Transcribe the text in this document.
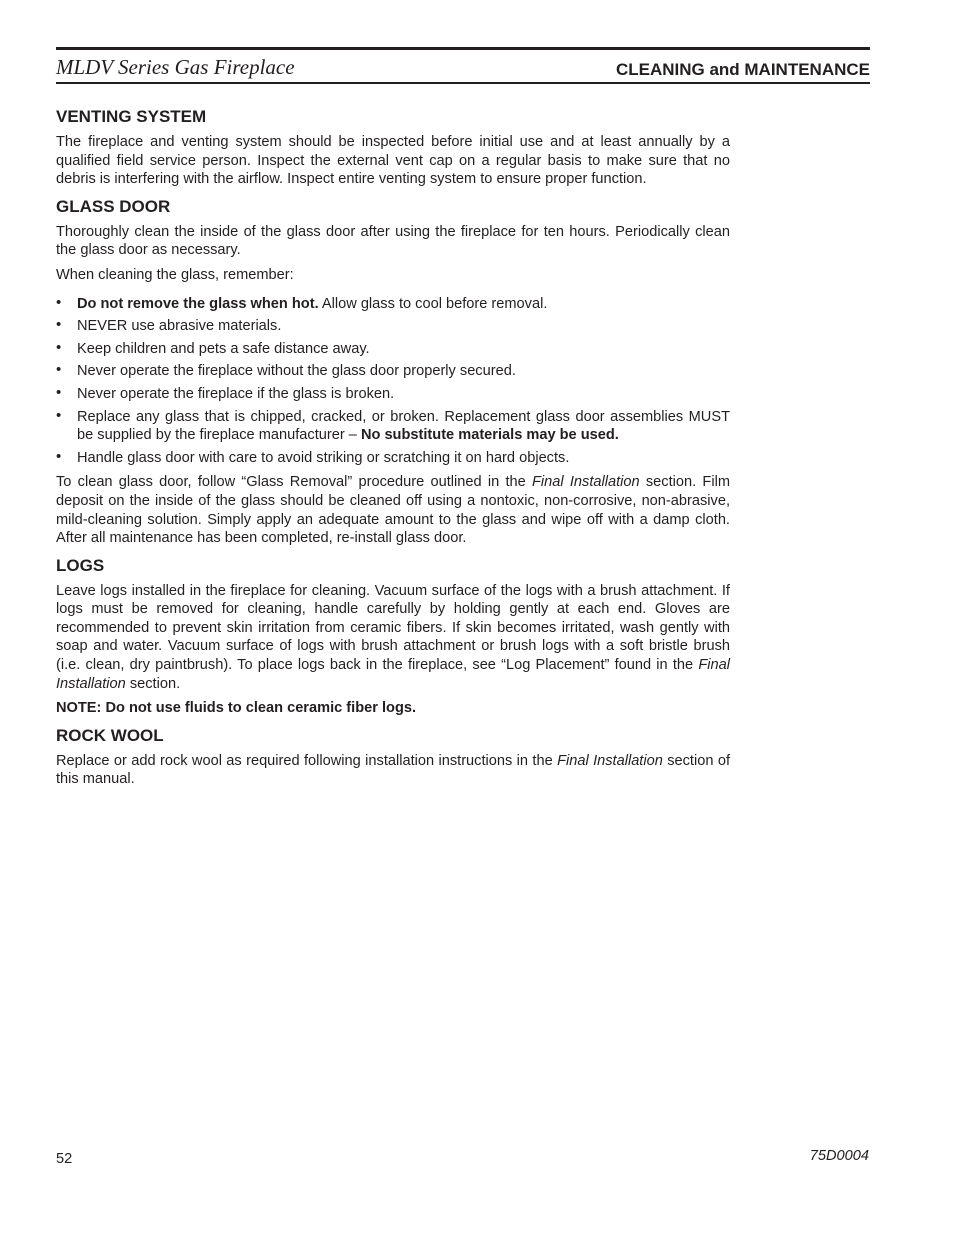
MLDV Series Gas Fireplace	CLEANING and MAINTENANCE
VENTING SYSTEM

The fireplace and venting system should be inspected before initial use and at least annually by a qualified field service person. Inspect the external vent cap on a regular basis to make sure that no debris is interfering with the airflow. Inspect entire venting system to ensure proper function.

GLASS DOOR

Thoroughly clean the inside of the glass door after using the fireplace for ten hours. Periodically clean the glass door as necessary.

When cleaning the glass, remember:

• Do not remove the glass when hot. Allow glass to cool before removal.
• NEVER use abrasive materials.
• Keep children and pets a safe distance away.
• Never operate the fireplace without the glass door properly secured.
• Never operate the fireplace if the glass is broken.
• Replace any glass that is chipped, cracked, or broken. Replacement glass door assemblies MUST be supplied by the fireplace manufacturer – No substitute materials may be used.
• Handle glass door with care to avoid striking or scratching it on hard objects.

To clean glass door, follow “Glass Removal” procedure outlined in the Final Installation section. Film deposit on the inside of the glass should be cleaned off using a nontoxic, non-corrosive, non-abrasive, mild-cleaning solution. Simply apply an adequate amount to the glass and wipe off with a damp cloth. After all maintenance has been completed, re-install glass door.

LOGS

Leave logs installed in the fireplace for cleaning. Vacuum surface of the logs with a brush attachment. If logs must be removed for cleaning, handle carefully by holding gently at each end. Gloves are recommended to prevent skin irritation from ceramic fibers. If skin becomes irritated, wash gently with soap and water. Vacuum surface of logs with brush attachment or brush logs with a soft bristle brush (i.e. clean, dry paintbrush). To place logs back in the fireplace, see “Log Placement” found in the Final Installation section.

NOTE: Do not use fluids to clean ceramic fiber logs.
ROCK WOOL

Replace or add rock wool as required following installation instructions in the Final Installation section of this manual.

52	75D0004
